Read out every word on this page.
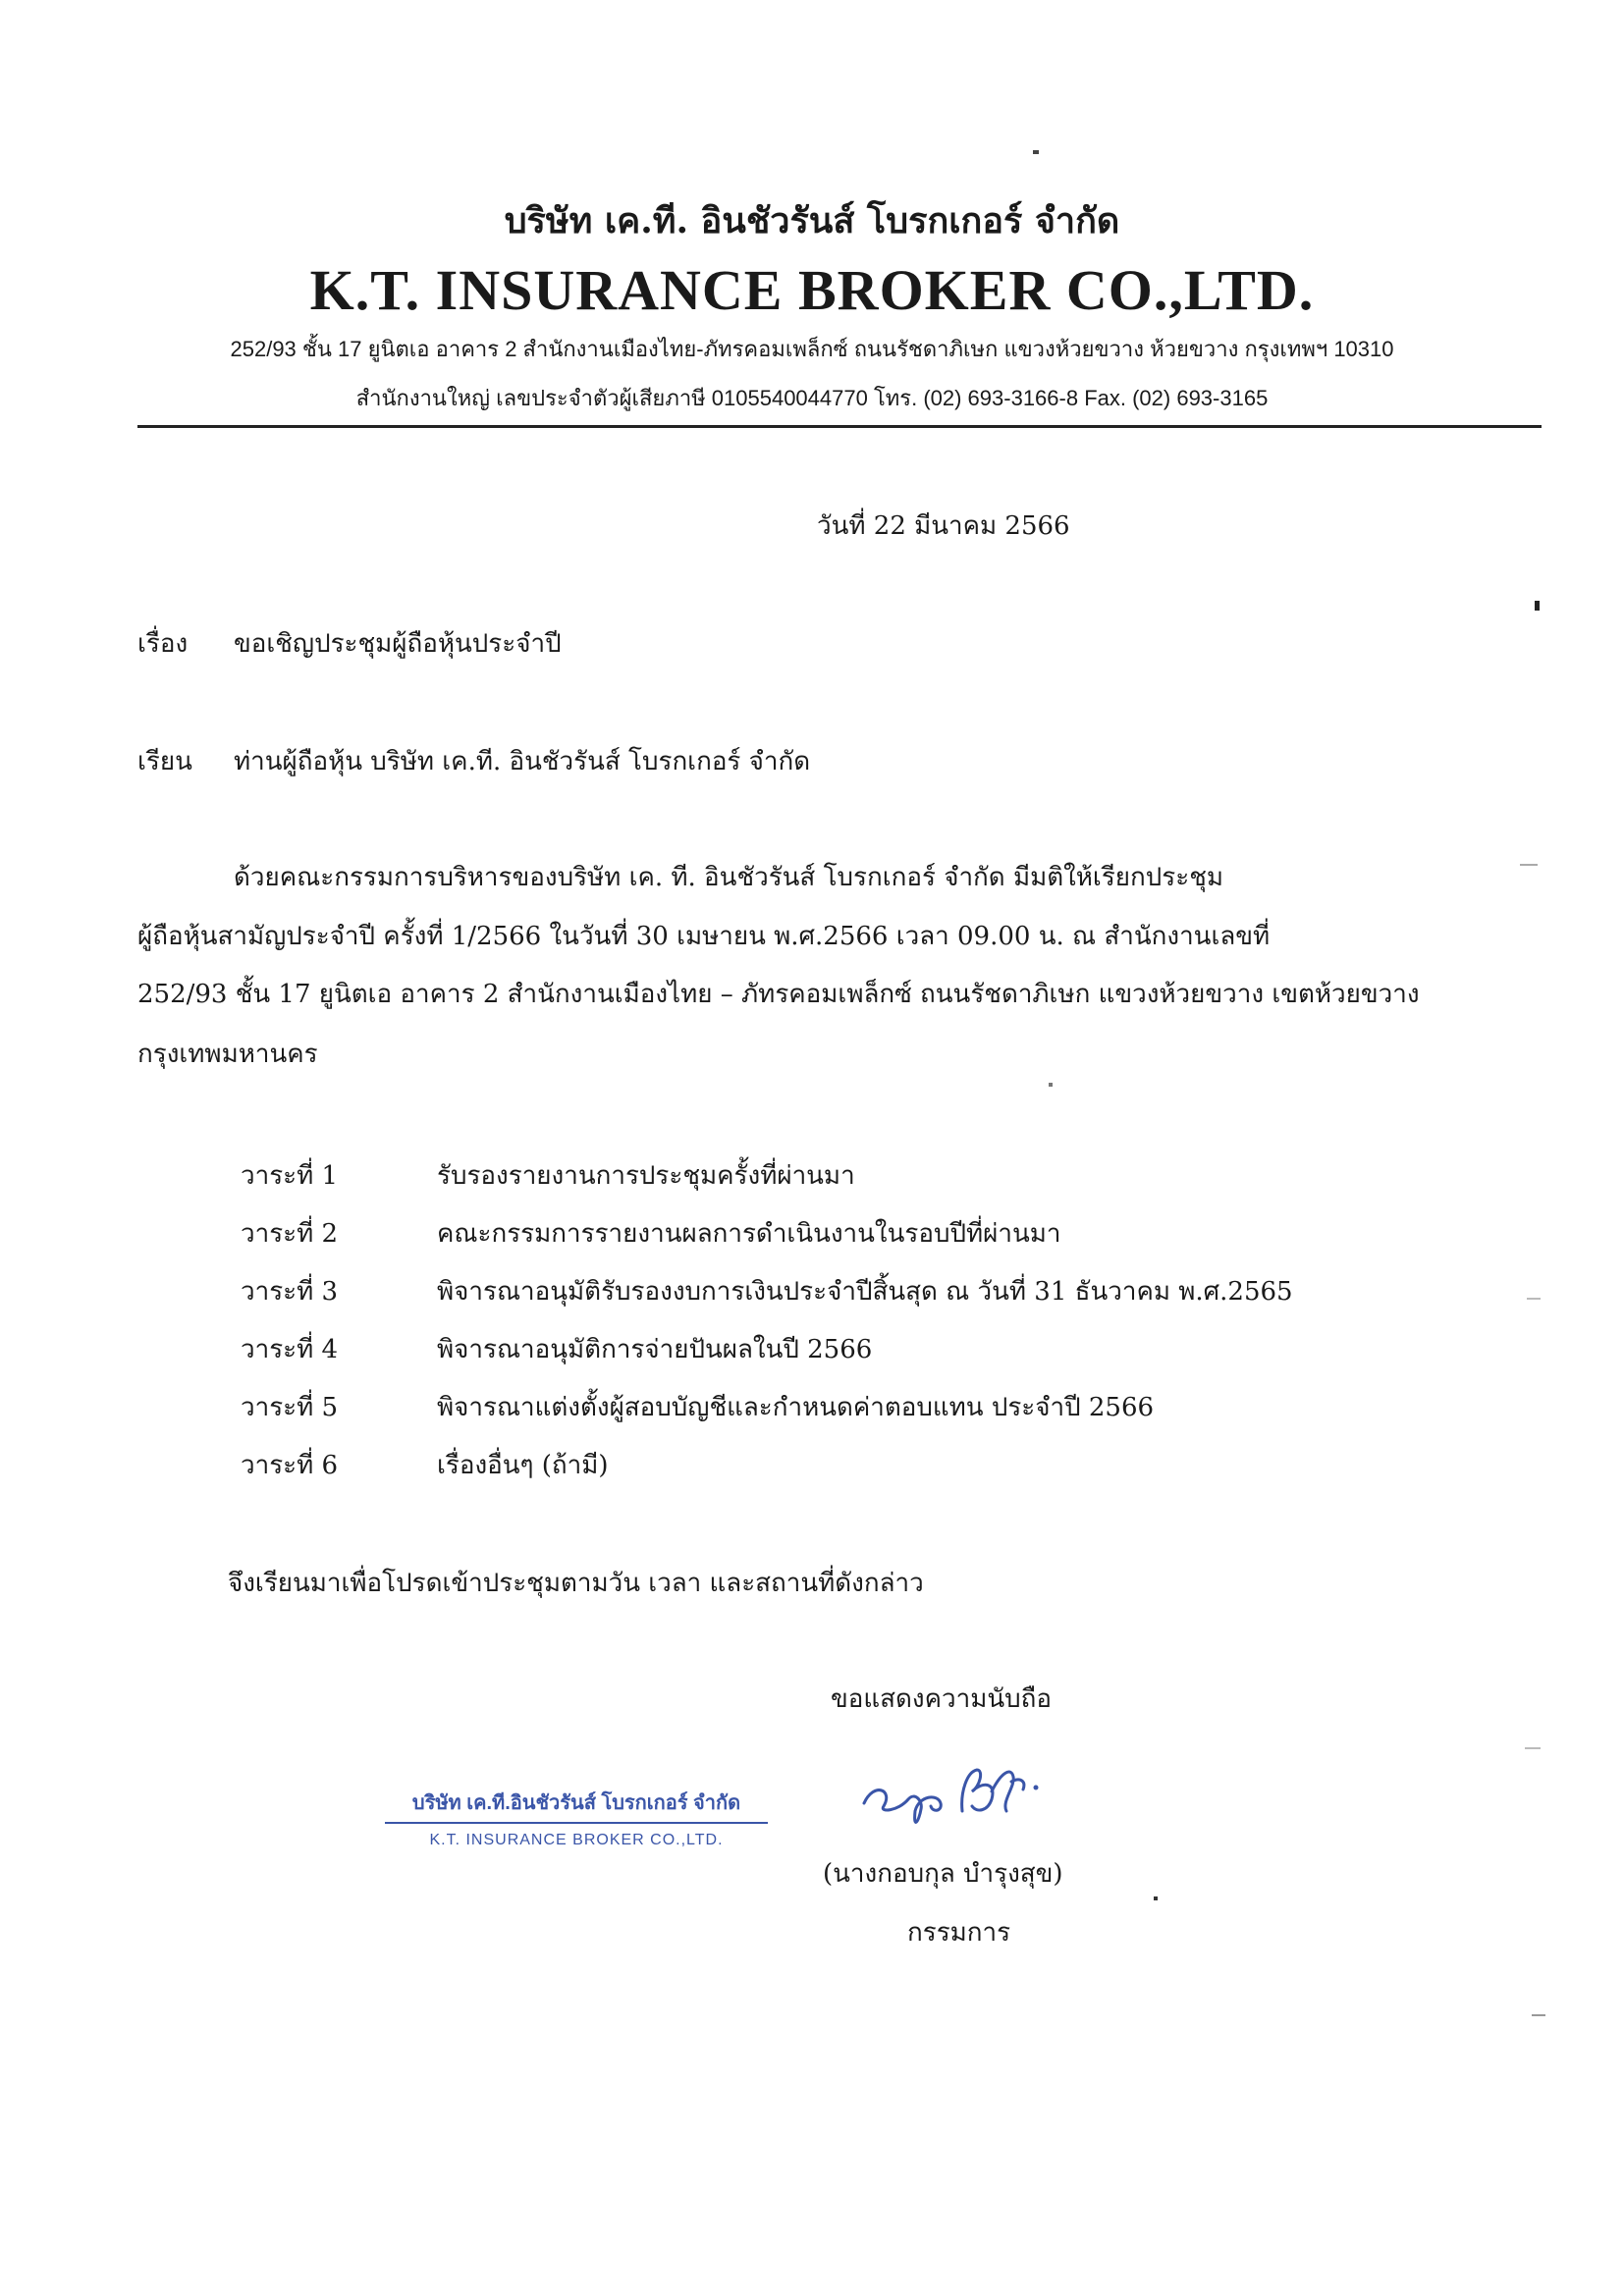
บริษัท เค.ที. อินชัวรันส์ โบรกเกอร์ จำกัด
K.T. INSURANCE BROKER CO.,LTD.
252/93 ชั้น 17 ยูนิตเอ อาคาร 2 สำนักงานเมืองไทย-ภัทรคอมเพล็กซ์ ถนนรัชดาภิเษก แขวงห้วยขวาง ห้วยขวาง กรุงเทพฯ 10310
สำนักงานใหญ่ เลขประจำตัวผู้เสียภาษี 0105540044770 โทร. (02) 693-3166-8 Fax. (02) 693-3165
วันที่ 22 มีนาคม 2566
เรื่อง ขอเชิญประชุมผู้ถือหุ้นประจำปี
เรียน ท่านผู้ถือหุ้น บริษัท เค.ที. อินชัวรันส์ โบรกเกอร์ จำกัด
ด้วยคณะกรรมการบริหารของบริษัท เค. ที. อินชัวรันส์ โบรกเกอร์ จำกัด มีมติให้เรียกประชุม
ผู้ถือหุ้นสามัญประจำปี ครั้งที่ 1/2566 ในวันที่ 30 เมษายน พ.ศ.2566 เวลา 09.00 น. ณ สำนักงานเลขที่
252/93 ชั้น 17 ยูนิตเอ อาคาร 2 สำนักงานเมืองไทย – ภัทรคอมเพล็กซ์ ถนนรัชดาภิเษก แขวงห้วยขวาง เขตห้วยขวาง
กรุงเทพมหานคร
วาระที่ 1	รับรองรายงานการประชุมครั้งที่ผ่านมา
วาระที่ 2	คณะกรรมการรายงานผลการดำเนินงานในรอบปีที่ผ่านมา
วาระที่ 3	พิจารณาอนุมัติรับรองงบการเงินประจำปีสิ้นสุด ณ วันที่ 31 ธันวาคม พ.ศ.2565
วาระที่ 4	พิจารณาอนุมัติการจ่ายปันผลในปี 2566
วาระที่ 5	พิจารณาแต่งตั้งผู้สอบบัญชีและกำหนดค่าตอบแทน ประจำปี 2566
วาระที่ 6	เรื่องอื่นๆ (ถ้ามี)
จึงเรียนมาเพื่อโปรดเข้าประชุมตามวัน เวลา และสถานที่ดังกล่าว
ขอแสดงความนับถือ
บริษัท เค.ที.อินชัวรันส์ โบรกเกอร์ จำกัด
K.T. INSURANCE BROKER CO.,LTD.
(นางกอบกุล บำรุงสุข)
กรรมการ
